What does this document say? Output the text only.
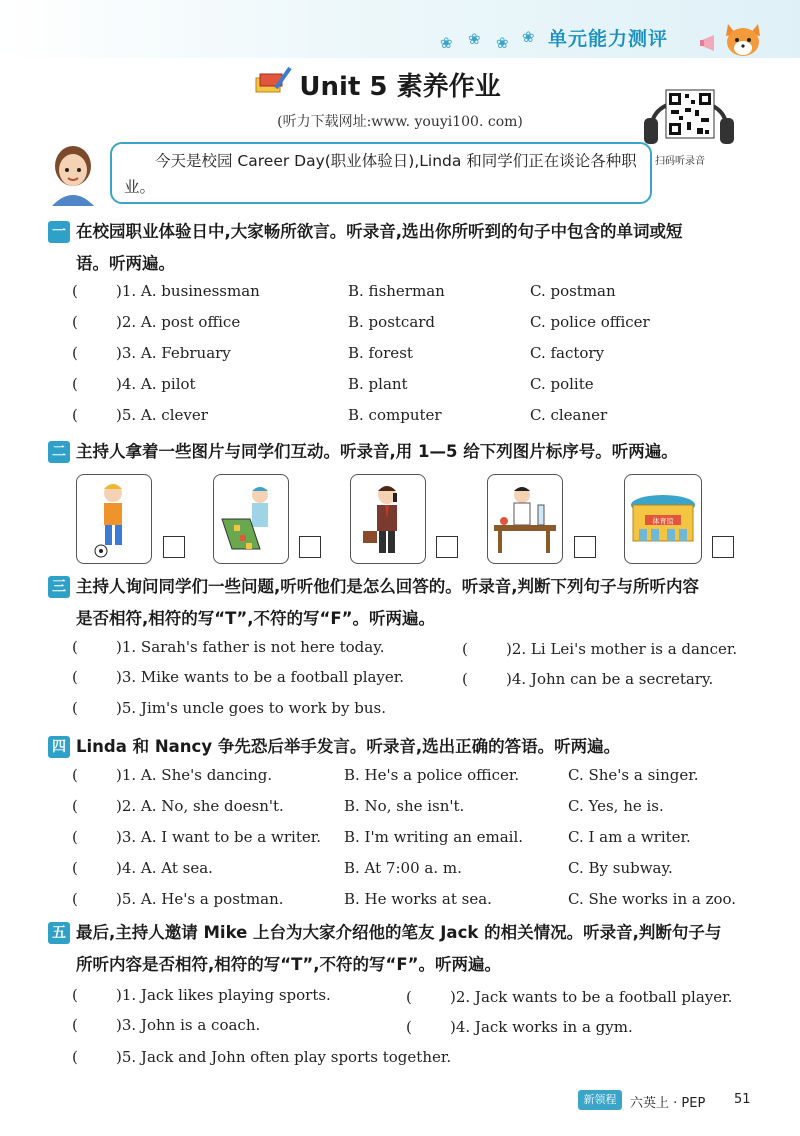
❀ ❀ ❀ ❀ 单元能力测评
Unit 5 素养作业
(听力下载网址:www. youyi100. com)
扫码听录音
今天是校园 Career Day(职业体验日),Linda 和同学们正在谈论各种职业。
一 在校园职业体验日中,大家畅所欲言。听录音,选出你所听到的句子中包含的单词或短
语。听两遍。
(	)1. A. businessman	B. fisherman	C. postman
(	)2. A. post office	B. postcard	C. police officer
(	)3. A. February	B. forest	C. factory
(	)4. A. pilot	B. plant	C. polite
(	)5. A. clever	B. computer	C. cleaner
二 主持人拿着一些图片与同学们互动。听录音,用 1—5 给下列图片标序号。听两遍。
体育馆
三 主持人询问同学们一些问题,听听他们是怎么回答的。听录音,判断下列句子与所听内容
是否相符,相符的写“T”,不符的写“F”。听两遍。
(	)1. Sarah's father is not here today.	(	)2. Li Lei's mother is a dancer.
(	)3. Mike wants to be a football player.	(	)4. John can be a secretary.
(	)5. Jim's uncle goes to work by bus.
四 Linda 和 Nancy 争先恐后举手发言。听录音,选出正确的答语。听两遍。
(	)1. A. She's dancing.	B. He's a police officer.	C. She's a singer.
(	)2. A. No, she doesn't.	B. No, she isn't.	C. Yes, he is.
(	)3. A. I want to be a writer. B. I'm writing an email.	C. I am a writer.
(	)4. A. At sea.	B. At 7:00 a. m.	C. By subway.
(	)5. A. He's a postman.	B. He works at sea.	C. She works in a zoo.
五 最后,主持人邀请 Mike 上台为大家介绍他的笔友 Jack 的相关情况。听录音,判断句子与
所听内容是否相符,相符的写“T”,不符的写“F”。听两遍。
(	)1. Jack likes playing sports.	(	)2. Jack wants to be a football player.
(	)3. John is a coach.	(	)4. Jack works in a gym.
(	)5. Jack and John often play sports together.
新领程	六英上 · PEP 51
